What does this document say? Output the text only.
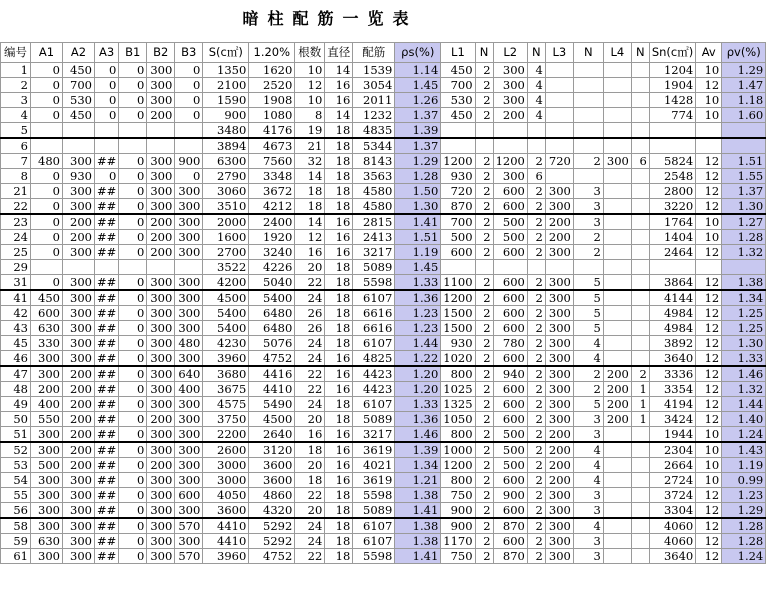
暗柱配筋一览表
编号	A1	A2	A3	B1	B2	B3	S(c㎡)	1.20%	根数	直径	配筋	ρs(%)	L1	N	L2	N	L3	N	L4	N	Sn(c㎡)	Av	ρv(%)
1	0	450	0	0	300	0	1350	1620	10	14	1539	1.14	450	2	300	4					1204	10	1.29
2	0	700	0	0	300	0	2100	2520	12	16	3054	1.45	700	2	300	4					1904	12	1.47
3	0	530	0	0	300	0	1590	1908	10	16	2011	1.26	530	2	300	4					1428	10	1.18
4	0	450	0	0	200	0	900	1080	8	14	1232	1.37	450	2	200	4					774	10	1.60
5							3480	4176	19	18	4835	1.39											
6							3894	4673	21	18	5344	1.37											
7	480	300	##	0	300	900	6300	7560	32	18	8143	1.29	1200	2	1200	2	720	2	300	6	5824	12	1.51
8	0	930	0	0	300	0	2790	3348	14	18	3563	1.28	930	2	300	6					2548	12	1.55
21	0	300	##	0	300	300	3060	3672	18	18	4580	1.50	720	2	600	2	300	3			2800	12	1.37
22	0	300	##	0	300	300	3510	4212	18	18	4580	1.30	870	2	600	2	300	3			3220	12	1.30
23	0	200	##	0	200	300	2000	2400	14	16	2815	1.41	700	2	500	2	200	3			1764	10	1.27
24	0	200	##	0	200	300	1600	1920	12	16	2413	1.51	500	2	500	2	200	2			1404	10	1.28
25	0	300	##	0	200	300	2700	3240	16	16	3217	1.19	600	2	600	2	300	2			2464	12	1.32
29							3522	4226	20	18	5089	1.45											
31	0	300	##	0	300	300	4200	5040	22	18	5598	1.33	1100	2	600	2	300	5			3864	12	1.38
41	450	300	##	0	300	300	4500	5400	24	18	6107	1.36	1200	2	600	2	300	5			4144	12	1.34
42	600	300	##	0	300	300	5400	6480	26	18	6616	1.23	1500	2	600	2	300	5			4984	12	1.25
43	630	300	##	0	300	300	5400	6480	26	18	6616	1.23	1500	2	600	2	300	5			4984	12	1.25
45	330	300	##	0	300	480	4230	5076	24	18	6107	1.44	930	2	780	2	300	4			3892	12	1.30
46	300	300	##	0	300	300	3960	4752	24	16	4825	1.22	1020	2	600	2	300	4			3640	12	1.33
47	300	200	##	0	300	640	3680	4416	22	16	4423	1.20	800	2	940	2	300	2	200	2	3336	12	1.46
48	200	200	##	0	300	400	3675	4410	22	16	4423	1.20	1025	2	600	2	300	2	200	1	3354	12	1.32
49	400	200	##	0	300	300	4575	5490	24	18	6107	1.33	1325	2	600	2	300	5	200	1	4194	12	1.44
50	550	200	##	0	200	300	3750	4500	20	18	5089	1.36	1050	2	600	2	300	3	200	1	3424	12	1.40
51	300	200	##	0	300	300	2200	2640	16	16	3217	1.46	800	2	500	2	200	3			1944	10	1.24
52	300	200	##	0	300	300	2600	3120	18	16	3619	1.39	1000	2	500	2	200	4			2304	10	1.43
53	500	200	##	0	200	300	3000	3600	20	16	4021	1.34	1200	2	500	2	200	4			2664	10	1.19
54	300	300	##	0	300	300	3000	3600	18	16	3619	1.21	800	2	600	2	200	4			2724	10	0.99
55	300	300	##	0	300	600	4050	4860	22	18	5598	1.38	750	2	900	2	300	3			3724	12	1.23
56	300	300	##	0	300	300	3600	4320	20	18	5089	1.41	900	2	600	2	300	3			3304	12	1.29
58	300	300	##	0	300	570	4410	5292	24	18	6107	1.38	900	2	870	2	300	4			4060	12	1.28
59	630	300	##	0	300	300	4410	5292	24	18	6107	1.38	1170	2	600	2	300	3			4060	12	1.28
61	300	300	##	0	300	570	3960	4752	22	18	5598	1.41	750	2	870	2	300	3			3640	12	1.24
